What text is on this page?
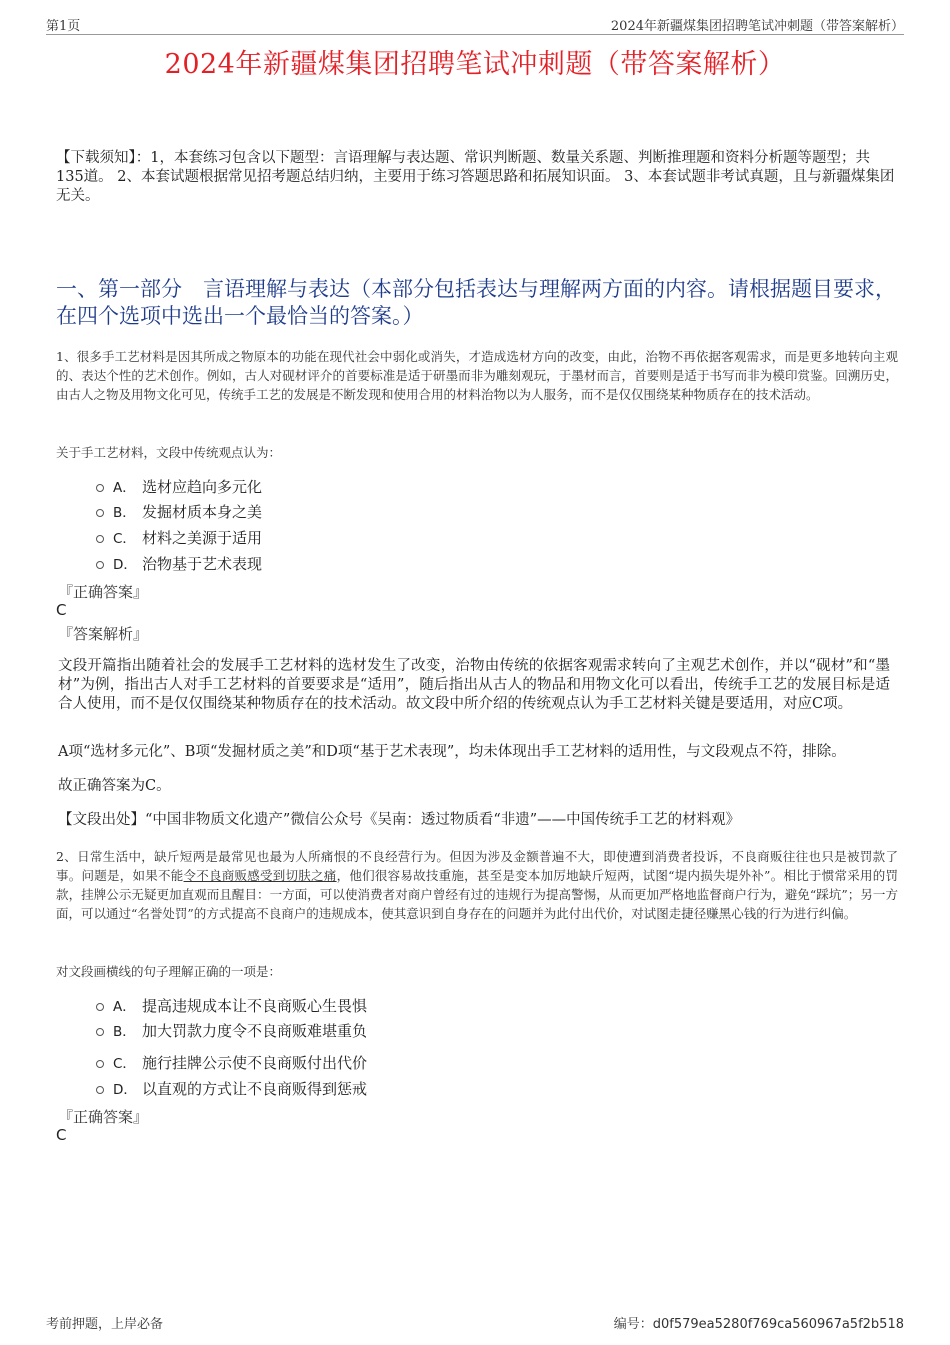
第1页	2024年新疆煤集团招聘笔试冲刺题（带答案解析）
2024年新疆煤集团招聘笔试冲刺题（带答案解析）
【下载须知】：1，本套练习包含以下题型：言语理解与表达题、常识判断题、数量关系题、判断推理题和资料分析题等题型；共135道。 2、本套试题根据常见招考题总结归纳，主要用于练习答题思路和拓展知识面。 3、本套试题非考试真题，且与新疆煤集团无关。
一、第一部分　言语理解与表达（本部分包括表达与理解两方面的内容。请根据题目要求，在四个选项中选出一个最恰当的答案。）
1、很多手工艺材料是因其所成之物原本的功能在现代社会中弱化或消失，才造成选材方向的改变，由此，治物不再依据客观需求，而是更多地转向主观的、表达个性的艺术创作。例如，古人对砚材评介的首要标准是适于研墨而非为雕刻观玩，于墨材而言，首要则是适于书写而非为模印赏鉴。回溯历史，由古人之物及用物文化可见，传统手工艺的发展是不断发现和使用合用的材料治物以为人服务，而不是仅仅围绕某种物质存在的技术活动。
关于手工艺材料，文段中传统观点认为：
A． 选材应趋向多元化
B． 发掘材质本身之美
C． 材料之美源于适用
D． 治物基于艺术表现
『正确答案』
C
『答案解析』
文段开篇指出随着社会的发展手工艺材料的选材发生了改变，治物由传统的依据客观需求转向了主观艺术创作，并以“砚材”和“墨材”为例，指出古人对手工艺材料的首要要求是“适用”，随后指出从古人的物品和用物文化可以看出，传统手工艺的发展目标是适合人使用，而不是仅仅围绕某种物质存在的技术活动。故文段中所介绍的传统观点认为手工艺材料关键是要适用，对应C项。
A项“选材多元化”、B项“发掘材质之美”和D项“基于艺术表现”，均未体现出手工艺材料的适用性，与文段观点不符，排除。
故正确答案为C。
【文段出处】“中国非物质文化遗产”微信公众号《吴南：透过物质看“非遗”——中国传统手工艺的材料观》
2、日常生活中，缺斤短两是最常见也最为人所痛恨的不良经营行为。但因为涉及金额普遍不大，即使遭到消费者投诉，不良商贩往往也只是被罚款了事。问题是，如果不能令不良商贩感受到切肤之痛，他们很容易故技重施，甚至是变本加厉地缺斤短两，试图“堤内损失堤外补”。相比于惯常采用的罚款，挂牌公示无疑更加直观而且醒目：一方面，可以使消费者对商户曾经有过的违规行为提高警惕，从而更加严格地监督商户行为，避免“踩坑”；另一方面，可以通过“名誉处罚”的方式提高不良商户的违规成本，使其意识到自身存在的问题并为此付出代价，对试图走捷径赚黑心钱的行为进行纠偏。
对文段画横线的句子理解正确的一项是：
A． 提高违规成本让不良商贩心生畏惧
B． 加大罚款力度令不良商贩难堪重负
C． 施行挂牌公示使不良商贩付出代价
D． 以直观的方式让不良商贩得到惩戒
『正确答案』
C
考前押题，上岸必备	编号：d0f579ea5280f769ca560967a5f2b518
